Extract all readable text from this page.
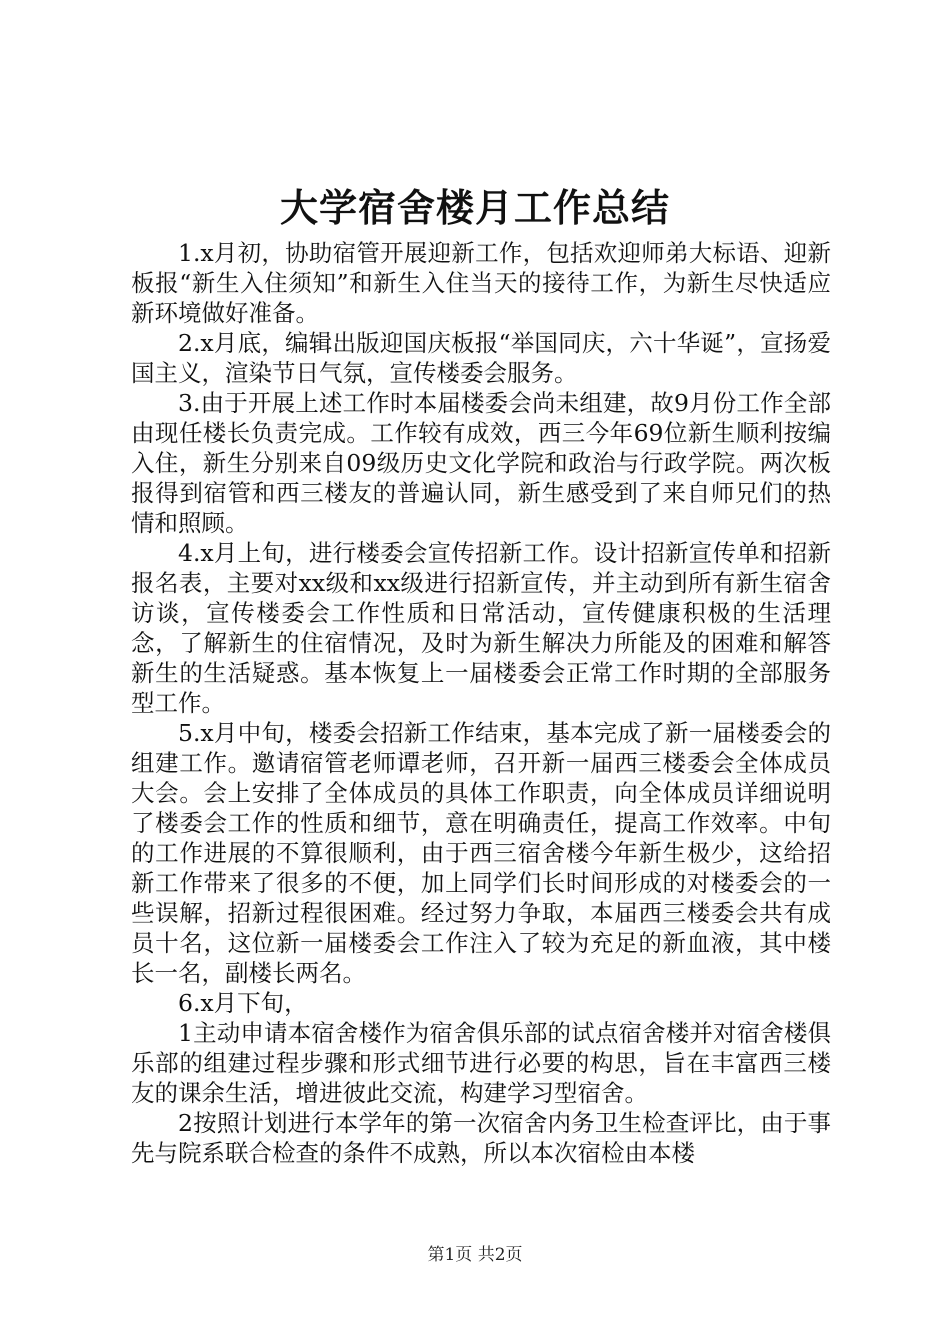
大学宿舍楼月工作总结

1.x月初，协助宿管开展迎新工作，包括欢迎师弟大标语、迎新板报“新生入住须知”和新生入住当天的接待工作，为新生尽快适应新环境做好准备。

2.x月底，编辑出版迎国庆板报“举国同庆，六十华诞”，宣扬爱国主义，渲染节日气氛，宣传楼委会服务。

3.由于开展上述工作时本届楼委会尚未组建，故9月份工作全部由现任楼长负责完成。工作较有成效，西三今年69位新生顺利按编入住，新生分别来自09级历史文化学院和政治与行政学院。两次板报得到宿管和西三楼友的普遍认同，新生感受到了来自师兄们的热情和照顾。

4.x月上旬，进行楼委会宣传招新工作。设计招新宣传单和招新报名表，主要对xx级和xx级进行招新宣传，并主动到所有新生宿舍访谈，宣传楼委会工作性质和日常活动，宣传健康积极的生活理念，了解新生的住宿情况，及时为新生解决力所能及的困难和解答新生的生活疑惑。基本恢复上一届楼委会正常工作时期的全部服务型工作。

5.x月中旬，楼委会招新工作结束，基本完成了新一届楼委会的组建工作。邀请宿管老师谭老师，召开新一届西三楼委会全体成员大会。会上安排了全体成员的具体工作职责，向全体成员详细说明了楼委会工作的性质和细节，意在明确责任，提高工作效率。中旬的工作进展的不算很顺利，由于西三宿舍楼今年新生极少，这给招新工作带来了很多的不便，加上同学们长时间形成的对楼委会的一些误解，招新过程很困难。经过努力争取，本届西三楼委会共有成员十名，这位新一届楼委会工作注入了较为充足的新血液，其中楼长一名，副楼长两名。

6.x月下旬，

1主动申请本宿舍楼作为宿舍俱乐部的试点宿舍楼并对宿舍楼俱乐部的组建过程步骤和形式细节进行必要的构思，旨在丰富西三楼友的课余生活，增进彼此交流，构建学习型宿舍。

2按照计划进行本学年的第一次宿舍内务卫生检查评比，由于事先与院系联合检查的条件不成熟，所以本次宿检由本楼

第1页 共2页
